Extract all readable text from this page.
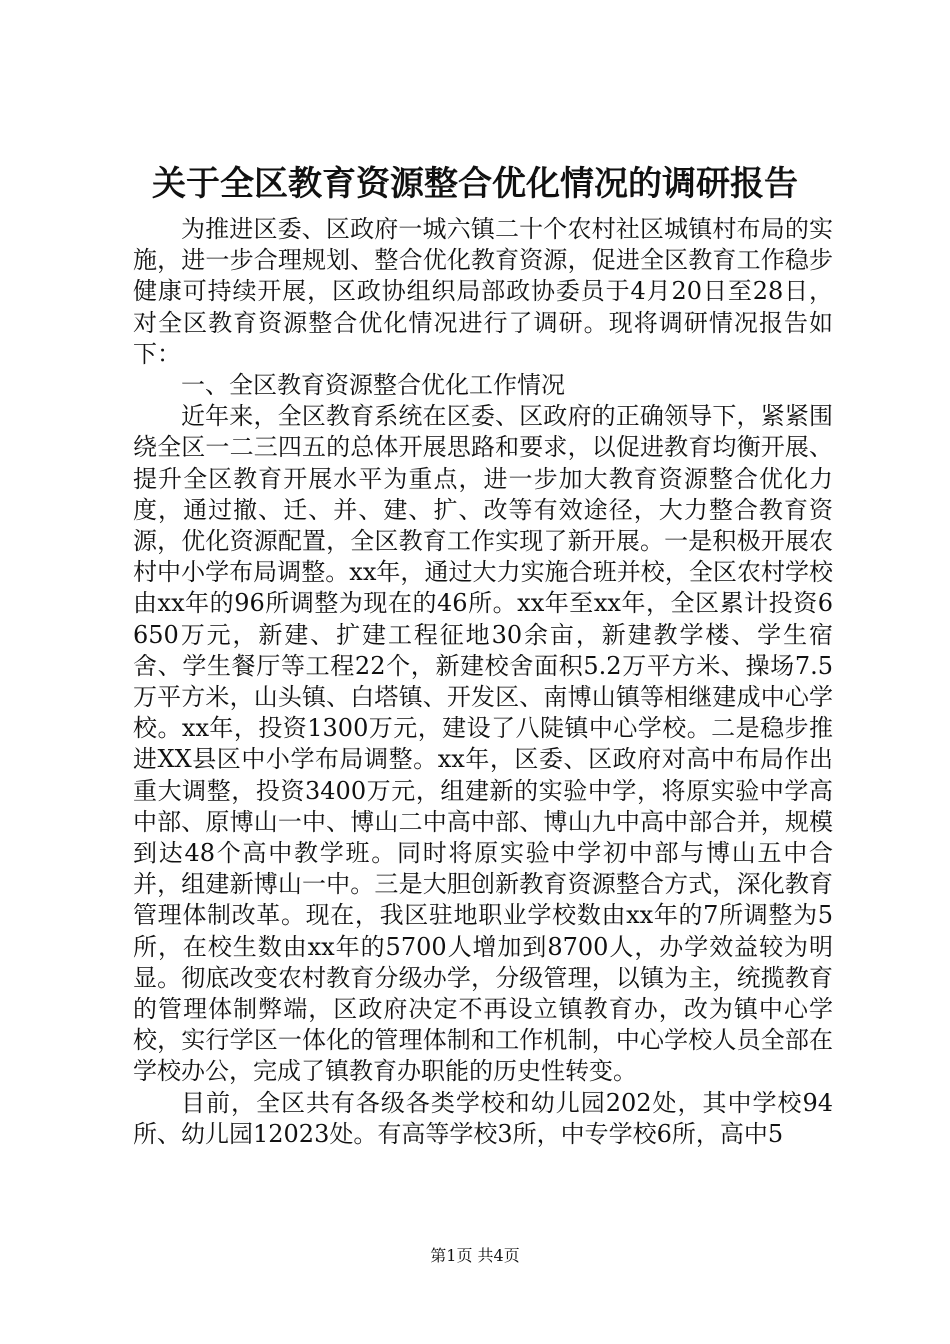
关于全区教育资源整合优化情况的调研报告

为推进区委、区政府一城六镇二十个农村社区城镇村布局的实施，进一步合理规划、整合优化教育资源，促进全区教育工作稳步健康可持续开展，区政协组织局部政协委员于4月20日至28日，对全区教育资源整合优化情况进行了调研。现将调研情况报告如下：

一、全区教育资源整合优化工作情况

近年来，全区教育系统在区委、区政府的正确领导下，紧紧围绕全区一二三四五的总体开展思路和要求，以促进教育均衡开展、提升全区教育开展水平为重点，进一步加大教育资源整合优化力度，通过撤、迁、并、建、扩、改等有效途径，大力整合教育资源，优化资源配置，全区教育工作实现了新开展。一是积极开展农村中小学布局调整。xx年，通过大力实施合班并校，全区农村学校由xx年的96所调整为现在的46所。xx年至xx年，全区累计投资6650万元，新建、扩建工程征地30余亩，新建教学楼、学生宿舍、学生餐厅等工程22个，新建校舍面积5.2万平方米、操场7.5万平方米，山头镇、白塔镇、开发区、南博山镇等相继建成中心学校。xx年，投资1300万元，建设了八陡镇中心学校。二是稳步推进XX县区中小学布局调整。xx年，区委、区政府对高中布局作出重大调整，投资3400万元，组建新的实验中学，将原实验中学高中部、原博山一中、博山二中高中部、博山九中高中部合并，规模到达48个高中教学班。同时将原实验中学初中部与博山五中合并，组建新博山一中。三是大胆创新教育资源整合方式，深化教育管理体制改革。现在，我区驻地职业学校数由xx年的7所调整为5所，在校生数由xx年的5700人增加到8700人，办学效益较为明显。彻底改变农村教育分级办学，分级管理，以镇为主，统揽教育的管理体制弊端，区政府决定不再设立镇教育办，改为镇中心学校，实行学区一体化的管理体制和工作机制，中心学校人员全部在学校办公，完成了镇教育办职能的历史性转变。

目前，全区共有各级各类学校和幼儿园202处，其中学校94所、幼儿园12023处。有高等学校3所，中专学校6所，高中5

第1页 共4页
